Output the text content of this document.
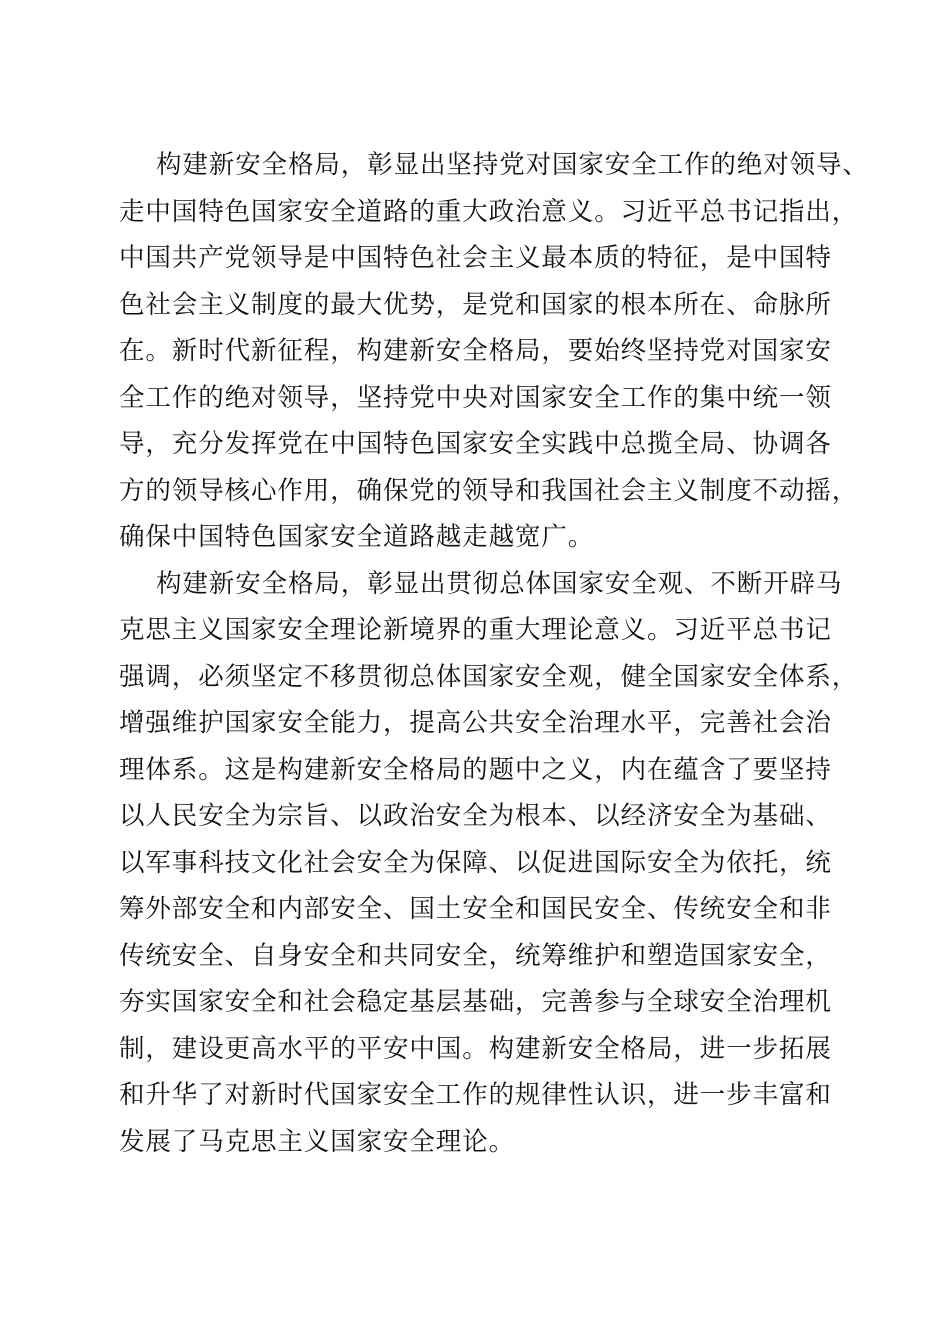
构建新安全格局，彰显出坚持党对国家安全工作的绝对领导、
走中国特色国家安全道路的重大政治意义。习近平总书记指出，
中国共产党领导是中国特色社会主义最本质的特征，是中国特
色社会主义制度的最大优势，是党和国家的根本所在、命脉所
在。新时代新征程，构建新安全格局，要始终坚持党对国家安
全工作的绝对领导，坚持党中央对国家安全工作的集中统一领
导，充分发挥党在中国特色国家安全实践中总揽全局、协调各
方的领导核心作用，确保党的领导和我国社会主义制度不动摇，
确保中国特色国家安全道路越走越宽广。

构建新安全格局，彰显出贯彻总体国家安全观、不断开辟马
克思主义国家安全理论新境界的重大理论意义。习近平总书记
强调，必须坚定不移贯彻总体国家安全观，健全国家安全体系，
增强维护国家安全能力，提高公共安全治理水平，完善社会治
理体系。这是构建新安全格局的题中之义，内在蕴含了要坚持
以人民安全为宗旨、以政治安全为根本、以经济安全为基础、
以军事科技文化社会安全为保障、以促进国际安全为依托，统
筹外部安全和内部安全、国土安全和国民安全、传统安全和非
传统安全、自身安全和共同安全，统筹维护和塑造国家安全，
夯实国家安全和社会稳定基层基础，完善参与全球安全治理机
制，建设更高水平的平安中国。构建新安全格局，进一步拓展
和升华了对新时代国家安全工作的规律性认识，进一步丰富和
发展了马克思主义国家安全理论。
